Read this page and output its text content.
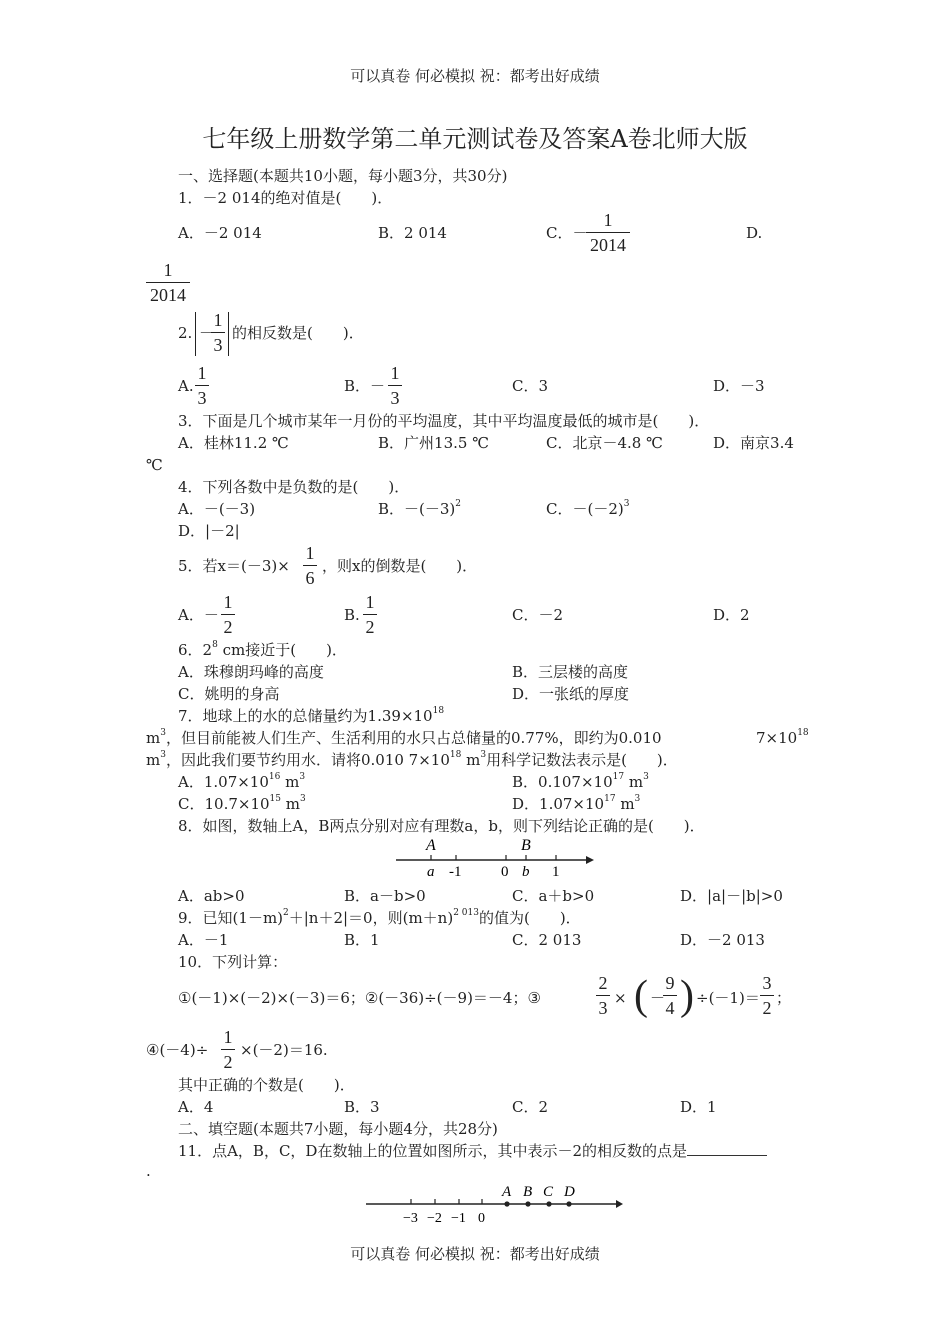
可以真卷 何必模拟 祝：都考出好成绩
七年级上册数学第二单元测试卷及答案A卷北师大版
一、选择题(本题共10小题，每小题3分，共30分)
1．－2 014的绝对值是(　　)．
A．－2 014	B．2 014	C．－
1
2014
D.
1
2014
2. －
1
3
的相反数是(　　)．
A.
1
3
B．－
1
3
C．3	D．－3
3．下面是几个城市某年一月份的平均温度，其中平均温度最低的城市是(　　)．
A．桂林11.2 ℃	B．广州13.5 ℃	C．北京－4.8 ℃	D．南京3.4
℃
4．下列各数中是负数的是(　　)．
A．－(－3)	B．$-(-3)^2$	C．$-(-2)^3$
D．|－2|
5．若x＝(－3)×
1
6
，则x的倒数是(　　)．
A．－
1
2
B.
1
2
C．－2	D．2
6．$2^8$ cm接近于(　　)．
A．珠穆朗玛峰的高度	B．三层楼的高度
C．姚明的身高	D．一张纸的厚度
7．地球上的水的总储量约为$1.39\times 10^{18}$
$m^3$，但目前能被人们生产、生活利用的水只占总储量的0.77%，即约为0.010	$7\times 10^{18}$
$m^3$，因此我们要节约用水．请将0.010 $7\times 10^{18}$ $m^3$用科学记数法表示是(　　)．
A．$1.07\times 10^{16}$ $m^3$	B．$0.107\times 10^{17}$ $m^3$
C．$10.7\times 10^{15}$ $m^3$	D．$1.07\times 10^{17}$ $m^3$
8．如图，数轴上A，B两点分别对应有理数a，b，则下列结论正确的是(　　)．
A	B
a -1	0 b 1
A．ab>0	B．a－b>0	C．a＋b>0	D．|a|－|b|>0
9．已知$(1-m)^2+|n+2|=0$，则$(m+n)^{2 013}$的值为(　　)．
A．－1	B．1	C．2 013	D．－2 013
10．下列计算：
①(－1)×(－2)×(－3)＝6；②(－36)÷(－9)＝－4；③
2
3 × ( －
9
4 ) ÷(－1)＝
3
2 ；
④(－4)÷
1
2
×(－2)＝16.
其中正确的个数是(　　)．
A．4	B．3	C．2	D．1
二、填空题(本题共7小题，每小题4分，共28分)
11．点A，B，C，D在数轴上的位置如图所示，其中表示－2的相反数的点是
.
A B C D
−3 −2 −1 0
可以真卷 何必模拟 祝：都考出好成绩
